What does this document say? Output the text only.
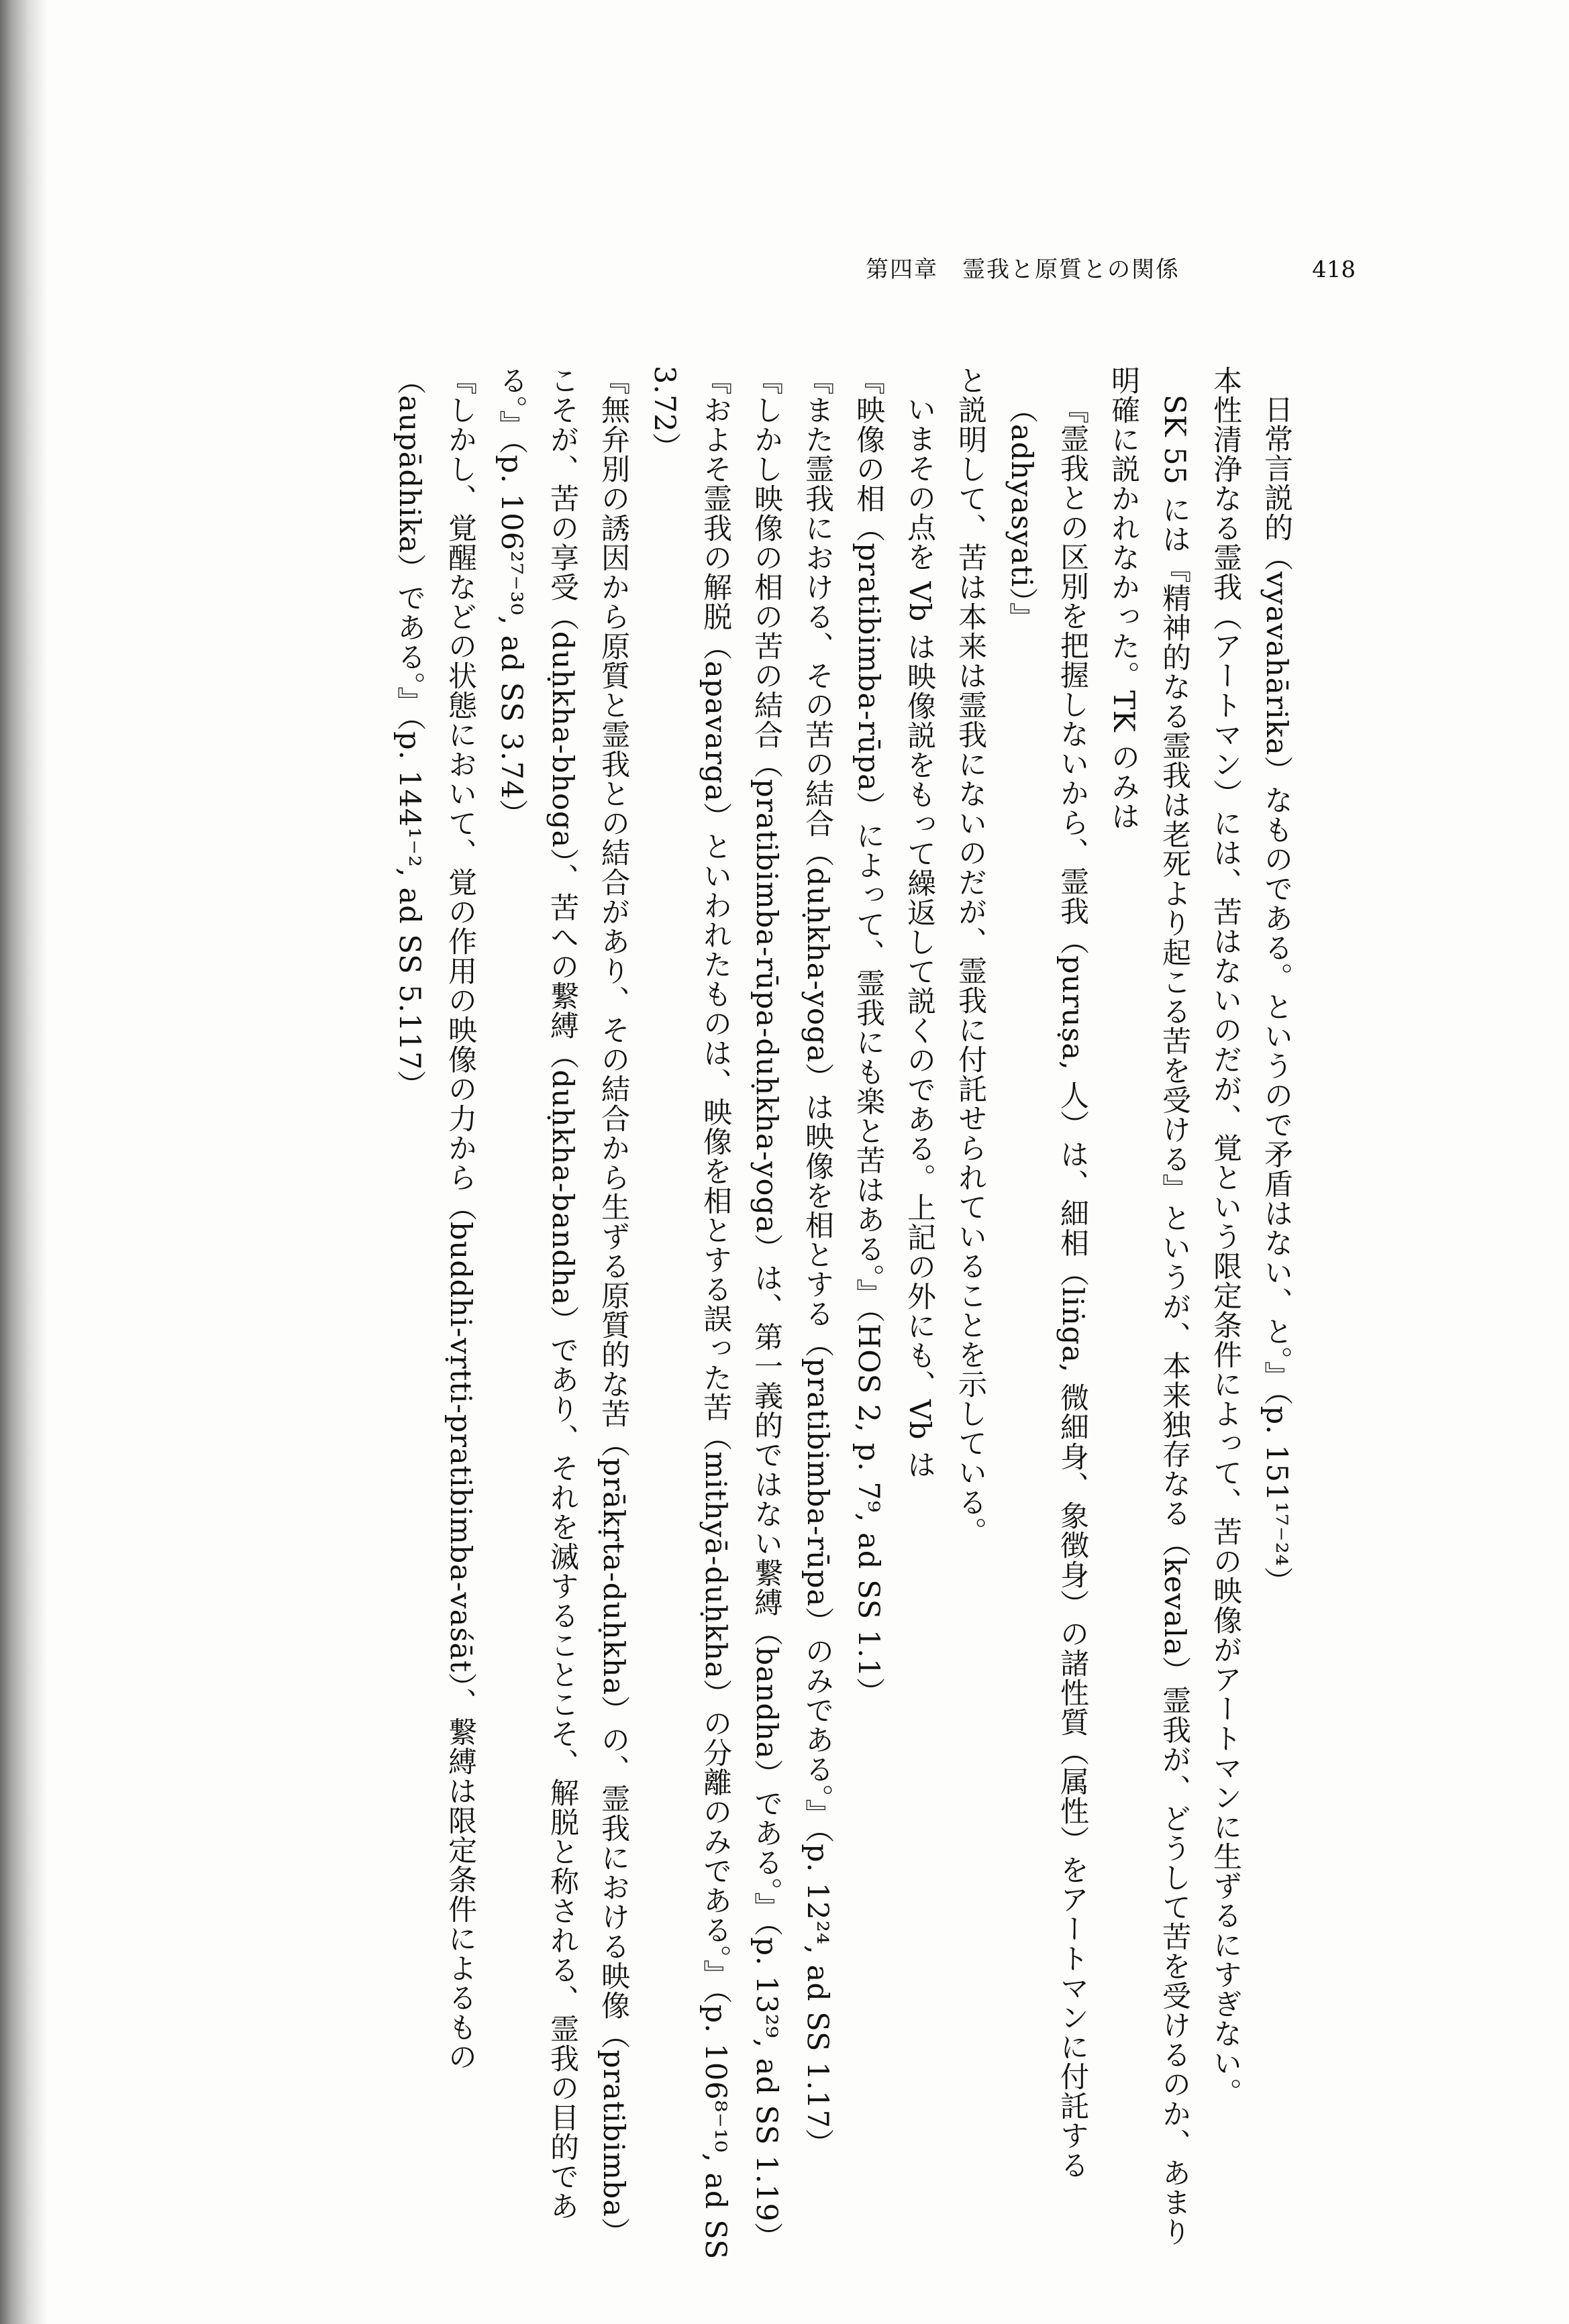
第四章　霊我と原質との関係	418

日常言説的（vyavahārika）なものである。というので矛盾はない、と。』（p. 151¹⁷⁻²⁴）

本性清浄なる霊我（アートマン）には、苦はないのだが、覚という限定条件によって、苦の映像がアートマンに生ずるにすぎない。

SK 55 には『精神的なる霊我は老死より起こる苦を受ける』というが、本来独存なる（kevala）霊我が、どうして苦を受けるのか、あまり明確に説かれなかった。TK のみは

『霊我との区別を把握しないから、霊我（puruṣa, 人）は、細相（liṅga, 微細身、象徴身）の諸性質（属性）をアートマンに付託する（adhyasyati）』

と説明して、苦は本来は霊我にないのだが、霊我に付託せられていることを示している。

いまその点を Vb は映像説をもって繰返して説くのである。上記の外にも、Vb は

『映像の相（pratibimba-rūpa）によって、霊我にも楽と苦はある。』（HOS 2, p. 7⁹, ad SS 1.1）

『また霊我における、その苦の結合（duḥkha-yoga）は映像を相とする（pratibimba-rūpa）のみである。』（p. 12²⁴, ad SS 1.17）

『しかし映像の相の苦の結合（pratibimba-rūpa-duḥkha-yoga）は、第一義的ではない繋縛（bandha）である。』（p. 13²⁹, ad SS 1.19）

『およそ霊我の解脱（apavarga）といわれたものは、映像を相とする誤った苦（mithyā-duḥkha）の分離のみである。』（p. 106⁸⁻¹⁰, ad SS 3.72）

『無弁別の誘因から原質と霊我との結合があり、その結合から生ずる原質的な苦（prākṛta-duḥkha）の、霊我における映像（pratibimba）こそが、苦の享受（duḥkha-bhoga）、苦への繋縛（duḥkha-bandha）であり、それを滅することこそ、解脱と称される、霊我の目的である。』（p. 106²⁷⁻³⁰, ad SS 3.74）

『しかし、覚醒などの状態において、覚の作用の映像の力から（buddhi-vṛtti-pratibimba-vaśāt）、繋縛は限定条件によるもの（aupādhika）である。』（p. 144¹⁻², ad SS 5.117）
